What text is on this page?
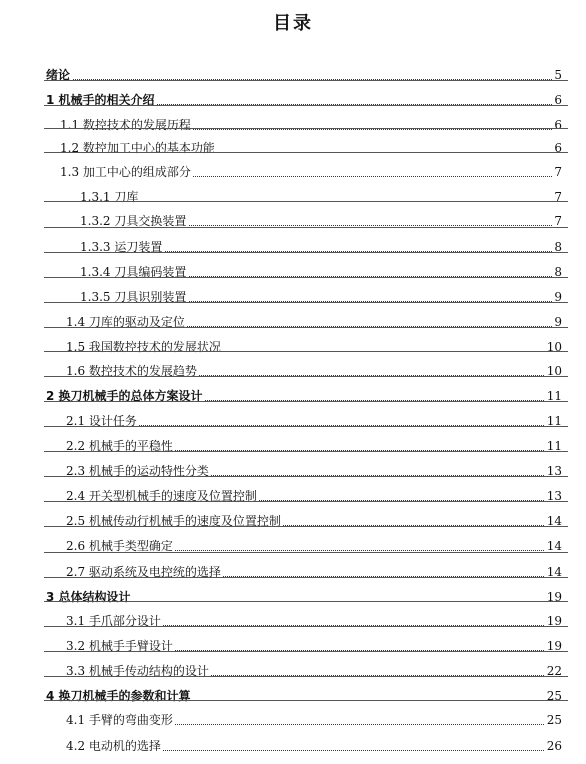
目录
绪论	5
1 机械手的相关介绍	6
1.1 数控技术的发展历程	6
1.2 数控加工中心的基本功能	6
1.3 加工中心的组成部分	7
1.3.1 刀库	7
1.3.2 刀具交换装置	7
1.3.3 运刀装置	8
1.3.4 刀具编码装置	8
1.3.5 刀具识别装置	9
1.4 刀库的驱动及定位	9
1.5 我国数控技术的发展状况	10
1.6 数控技术的发展趋势	10
2 换刀机械手的总体方案设计	11
2.1 设计任务	11
2.2 机械手的平稳性	11
2.3 机械手的运动特性分类	13
2.4 开关型机械手的速度及位置控制	13
2.5 机械传动行机械手的速度及位置控制	14
2.6 机械手类型确定	14
2.7 驱动系统及电控统的选择	14
3 总体结构设计	19
3.1 手爪部分设计	19
3.2 机械手手臂设计	19
3.3 机械手传动结构的设计	22
4 换刀机械手的参数和计算	25
4.1 手臂的弯曲变形	25
4.2 电动机的选择	26
